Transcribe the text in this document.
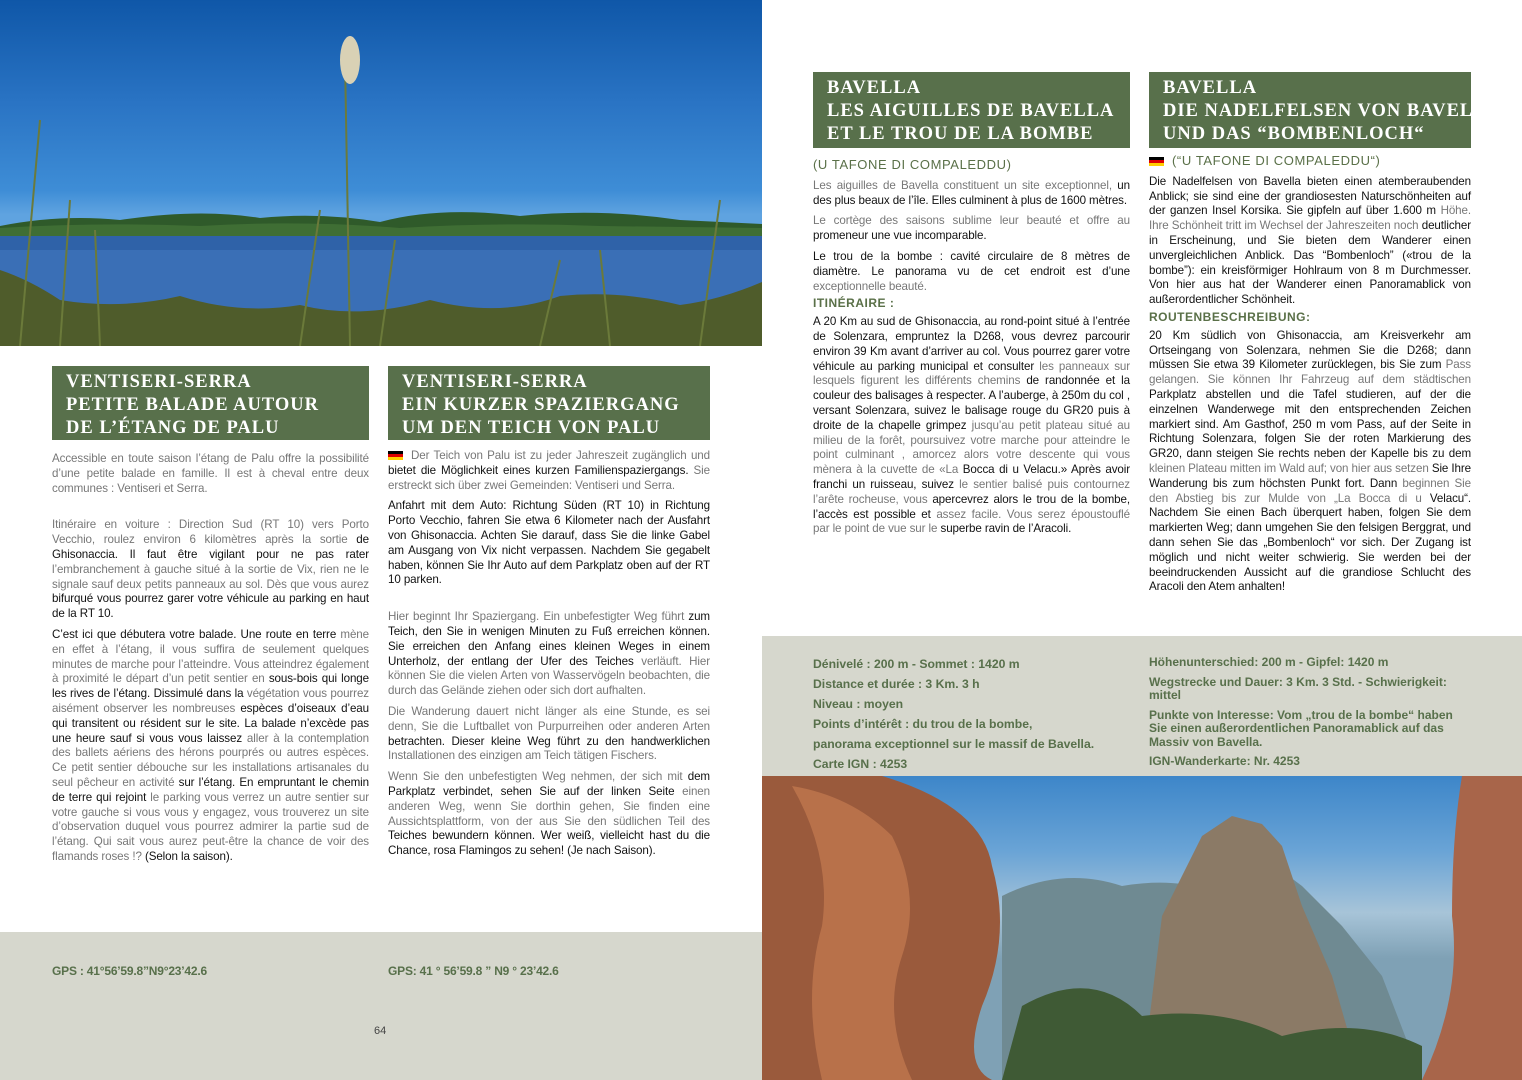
VENTISERI-SERRA
PETITE BALADE AUTOUR
DE L’ÉTANG DE PALU
VENTISERI-SERRA
EIN KURZER SPAZIERGANG
UM DEN TEICH VON PALU

Accessible en toute saison l’étang de Palu offre la possibilité d’une petite balade en famille. Il est à cheval entre deux communes : Ventiseri et Serra.

Itinéraire en voiture : Direction Sud (RT 10) vers Porto Vecchio, roulez environ 6 kilomètres après la sortie de Ghisonaccia. Il faut être vigilant pour ne pas rater l’embranchement à gauche situé à la sortie de Vix, rien ne le signale sauf deux petits panneaux au sol. Dès que vous aurez bifurqué vous pourrez garer votre véhicule au parking en haut de la RT 10.

C’est ici que débutera votre balade. Une route en terre mène en effet à l’étang, il vous suffira de seulement quelques minutes de marche pour l’atteindre. Vous atteindrez également à proximité le départ d’un petit sentier en sous-bois qui longe les rives de l’étang. Dissimulé dans la végétation vous pourrez aisément observer les nombreuses espèces d’oiseaux d’eau qui transitent ou résident sur le site. La balade n’excède pas une heure sauf si vous vous laissez aller à la contemplation des ballets aériens des hérons pourprés ou autres espèces. Ce petit sentier débouche sur les installations artisanales du seul pêcheur en activité sur l’étang. En empruntant le chemin de terre qui rejoint le parking vous verrez un autre sentier sur votre gauche si vous vous y engagez, vous trouverez un site d’observation duquel vous pourrez admirer la partie sud de l’étang. Qui sait vous aurez peut-être la chance de voir des flamands roses !? (Selon la saison).

Der Teich von Palu ist zu jeder Jahreszeit zugänglich und bietet die Möglichkeit eines kurzen Familienspaziergangs. Sie erstreckt sich über zwei Gemeinden: Ventiseri und Serra.

Anfahrt mit dem Auto: Richtung Süden (RT 10) in Richtung Porto Vecchio, fahren Sie etwa 6 Kilometer nach der Ausfahrt von Ghisonaccia. Achten Sie darauf, dass Sie die linke Gabel am Ausgang von Vix nicht verpassen. Nachdem Sie gegabelt haben, können Sie Ihr Auto auf dem Parkplatz oben auf der RT 10 parken.

Hier beginnt Ihr Spaziergang. Ein unbefestigter Weg führt zum Teich, den Sie in wenigen Minuten zu Fuß erreichen können. Sie erreichen den Anfang eines kleinen Weges in einem Unterholz, der entlang der Ufer des Teiches verläuft. Hier können Sie die vielen Arten von Wasservögeln beobachten, die durch das Gelände ziehen oder sich dort aufhalten.

Die Wanderung dauert nicht länger als eine Stunde, es sei denn, Sie die Luftballet von Purpurreihen oder anderen Arten betrachten. Dieser kleine Weg führt zu den handwerklichen Installationen des einzigen am Teich tätigen Fischers.

Wenn Sie den unbefestigten Weg nehmen, der sich mit dem Parkplatz verbindet, sehen Sie auf der linken Seite einen anderen Weg, wenn Sie dorthin gehen, Sie finden eine Aussichtsplattform, von der aus Sie den südlichen Teil des Teiches bewundern können. Wer weiß, vielleicht hast du die Chance, rosa Flamingos zu sehen! (Je nach Saison).

GPS : 41°56’59.8”N9°23’42.6	GPS: 41 ° 56’59.8 ” N9 ° 23’42.6
64
BAVELLA
LES AIGUILLES DE BAVELLA
ET LE TROU DE LA BOMBE
BAVELLA
DIE NADELFELSEN VON BAVELLA
UND DAS “BOMBENLOCH“
(U TAFONE DI COMPALEDDU)

Les aiguilles de Bavella constituent un site exceptionnel, un des plus beaux de l’île. Elles culminent à plus de 1600 mètres.

Le cortège des saisons sublime leur beauté et offre au promeneur une vue incomparable.

Le trou de la bombe : cavité circulaire de 8 mètres de diamètre. Le panorama vu de cet endroit est d’une exceptionnelle beauté.

ITINÉRAIRE :

A 20 Km au sud de Ghisonaccia, au rond-point situé à l’entrée de Solenzara, empruntez la D268, vous devrez parcourir environ 39 Km avant d’arriver au col. Vous pourrez garer votre véhicule au parking municipal et consulter les panneaux sur lesquels figurent les différents chemins de randonnée et la couleur des balisages à respecter. A l’auberge, à 250m du col , versant Solenzara, suivez le balisage rouge du GR20 puis à droite de la chapelle grimpez jusqu’au petit plateau situé au milieu de la forêt, poursuivez votre marche pour atteindre le point culminant , amorcez alors votre descente qui vous mènera à la cuvette de «La Bocca di u Velacu.» Après avoir franchi un ruisseau, suivez le sentier balisé puis contournez l’arête rocheuse, vous apercevrez alors le trou de la bombe, l’accès est possible et assez facile. Vous serez époustouflé par le point de vue sur le superbe ravin de l’Aracoli.

(“U TAFONE DI COMPALEDDU“)

Die Nadelfelsen von Bavella bieten einen atemberaubenden Anblick; sie sind eine der grandiosesten Naturschönheiten auf der ganzen Insel Korsika. Sie gipfeln auf über 1.600 m Höhe. Ihre Schönheit tritt im Wechsel der Jahreszeiten noch deutlicher in Erscheinung, und Sie bieten dem Wanderer einen unvergleichlichen Anblick. Das “Bombenloch” («trou de la bombe”): ein kreisförmiger Hohlraum von 8 m Durchmesser. Von hier aus hat der Wanderer einen Panoramablick von außerordentlicher Schönheit.

ROUTENBESCHREIBUNG:

20 Km südlich von Ghisonaccia, am Kreisverkehr am Ortseingang von Solenzara, nehmen Sie die D268; dann müssen Sie etwa 39 Kilometer zurücklegen, bis Sie zum Pass gelangen. Sie können Ihr Fahrzeug auf dem städtischen Parkplatz abstellen und die Tafel studieren, auf der die einzelnen Wanderwege mit den entsprechenden Zeichen markiert sind. Am Gasthof, 250 m vom Pass, auf der Seite in Richtung Solenzara, folgen Sie der roten Markierung des GR20, dann steigen Sie rechts neben der Kapelle bis zu dem kleinen Plateau mitten im Wald auf; von hier aus setzen Sie Ihre Wanderung bis zum höchsten Punkt fort. Dann beginnen Sie den Abstieg bis zur Mulde von „La Bocca di u Velacu“. Nachdem Sie einen Bach überquert haben, folgen Sie dem markierten Weg; dann umgehen Sie den felsigen Berggrat, und dann sehen Sie das „Bombenloch“ vor sich. Der Zugang ist möglich und nicht weiter schwierig. Sie werden bei der beeindruckenden Aussicht auf die grandiose Schlucht des Aracoli den Atem anhalten!

Dénivelé : 200 m - Sommet : 1420 m
Distance et durée : 3 Km. 3 h
Niveau : moyen
Points d’intérêt : du trou de la bombe,
panorama exceptionnel sur le massif de Bavella.
Carte IGN : 4253
Höhenunterschied: 200 m - Gipfel: 1420 m
Wegstrecke und Dauer: 3 Km. 3 Std. - Schwierigkeit: mittel
Punkte von Interesse: Vom „trou de la bombe“ haben Sie einen außerordentlichen Panoramablick auf das Massiv von Bavella.
IGN-Wanderkarte: Nr. 4253
